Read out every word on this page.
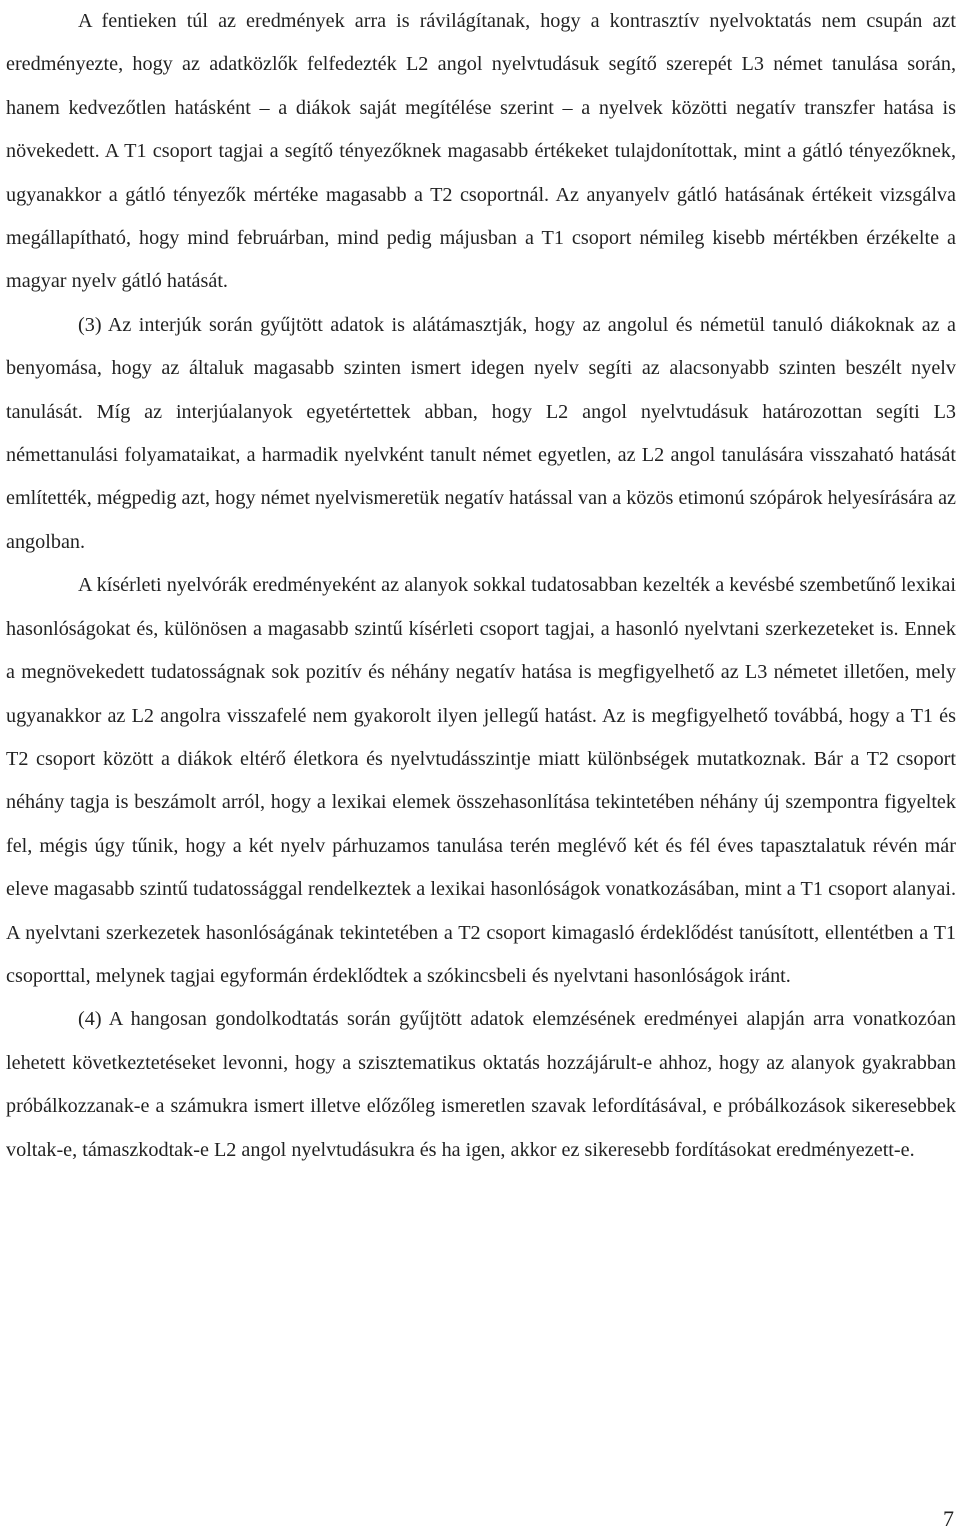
A fentieken túl az eredmények arra is rávilágítanak, hogy a kontrasztív nyelvoktatás nem csupán azt eredményezte, hogy az adatközlők felfedezték L2 angol nyelvtudásuk segítő szerepét L3 német tanulása során, hanem kedvezőtlen hatásként – a diákok saját megítélése szerint – a nyelvek közötti negatív transzfer hatása is növekedett. A T1 csoport tagjai a segítő tényezőknek magasabb értékeket tulajdonítottak, mint a gátló tényezőknek, ugyanakkor a gátló tényezők mértéke magasabb a T2 csoportnál. Az anyanyelv gátló hatásának értékeit vizsgálva megállapítható, hogy mind februárban, mind pedig májusban a T1 csoport némileg kisebb mértékben érzékelte a magyar nyelv gátló hatását.

(3) Az interjúk során gyűjtött adatok is alátámasztják, hogy az angolul és németül tanuló diákoknak az a benyomása, hogy az általuk magasabb szinten ismert idegen nyelv segíti az alacsonyabb szinten beszélt nyelv tanulását. Míg az interjúalanyok egyetértettek abban, hogy L2 angol nyelvtudásuk határozottan segíti L3 némettanulási folyamataikat, a harmadik nyelvként tanult német egyetlen, az L2 angol tanulására visszaható hatását említették, mégpedig azt, hogy német nyelvismeretük negatív hatással van a közös etimonú szópárok helyesírására az angolban.

A kísérleti nyelvórák eredményeként az alanyok sokkal tudatosabban kezelték a kevésbé szembetűnő lexikai hasonlóságokat és, különösen a magasabb szintű kísérleti csoport tagjai, a hasonló nyelvtani szerkezeteket is. Ennek a megnövekedett tudatosságnak sok pozitív és néhány negatív hatása is megfigyelhető az L3 németet illetően, mely ugyanakkor az L2 angolra visszafelé nem gyakorolt ilyen jellegű hatást. Az is megfigyelhető továbbá, hogy a T1 és T2 csoport között a diákok eltérő életkora és nyelvtudásszintje miatt különbségek mutatkoznak. Bár a T2 csoport néhány tagja is beszámolt arról, hogy a lexikai elemek összehasonlítása tekintetében néhány új szempontra figyeltek fel, mégis úgy tűnik, hogy a két nyelv párhuzamos tanulása terén meglévő két és fél éves tapasztalatuk révén már eleve magasabb szintű tudatossággal rendelkeztek a lexikai hasonlóságok vonatkozásában, mint a T1 csoport alanyai. A nyelvtani szerkezetek hasonlóságának tekintetében a T2 csoport kimagasló érdeklődést tanúsított, ellentétben a T1 csoporttal, melynek tagjai egyformán érdeklődtek a szókincsbeli és nyelvtani hasonlóságok iránt.

(4) A hangosan gondolkodtatás során gyűjtött adatok elemzésének eredményei alapján arra vonatkozóan lehetett következtetéseket levonni, hogy a szisztematikus oktatás hozzájárult-e ahhoz, hogy az alanyok gyakrabban próbálkozzanak-e a számukra ismert illetve előzőleg ismeretlen szavak lefordításával, e próbálkozások sikeresebbek voltak-e, támaszkodtak-e L2 angol nyelvtudásukra és ha igen, akkor ez sikeresebb fordításokat eredményezett-e.

7
